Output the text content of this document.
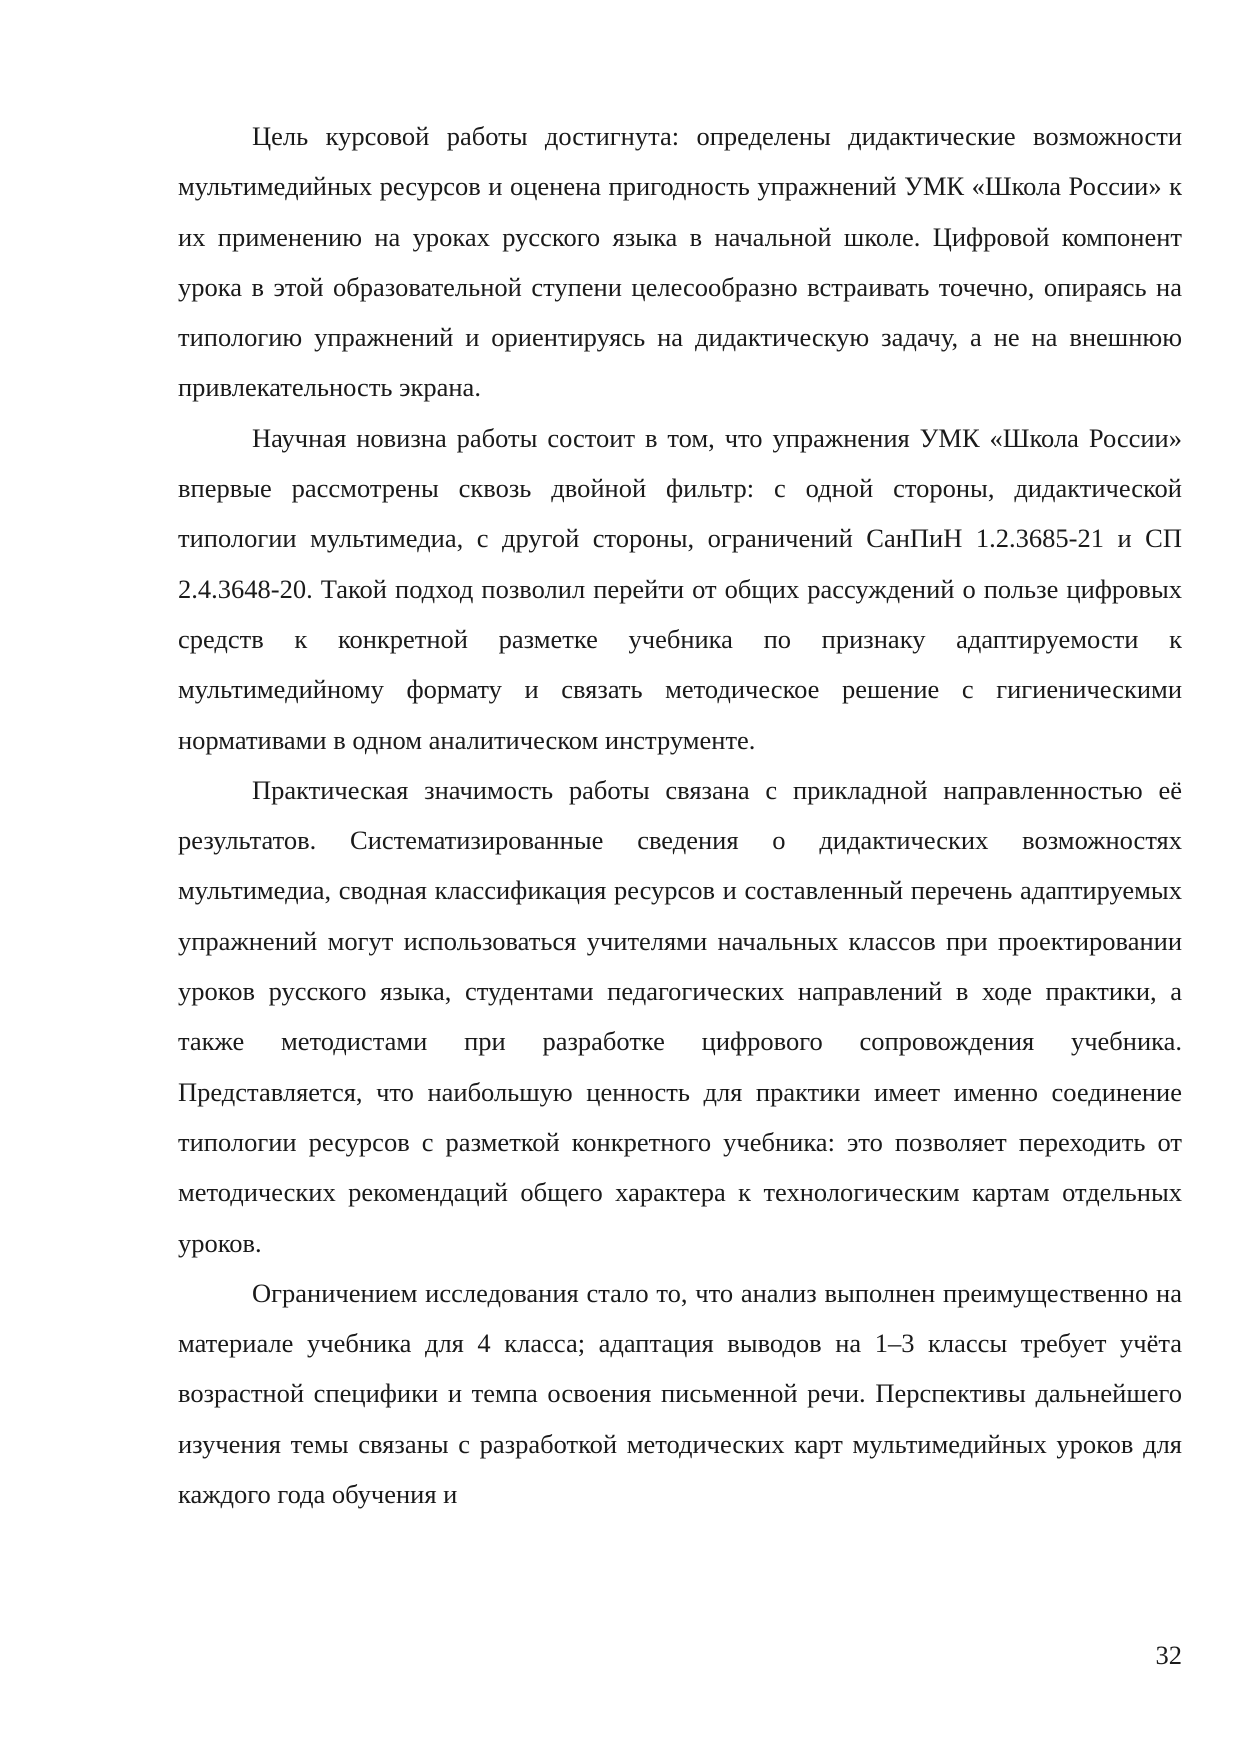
Цель курсовой работы достигнута: определены дидактические возможности мультимедийных ресурсов и оценена пригодность упражнений УМК «Школа России» к их применению на уроках русского языка в начальной школе. Цифровой компонент урока в этой образовательной ступени целесообразно встраивать точечно, опираясь на типологию упражнений и ориентируясь на дидактическую задачу, а не на внешнюю привлекательность экрана.

Научная новизна работы состоит в том, что упражнения УМК «Школа России» впервые рассмотрены сквозь двойной фильтр: с одной стороны, дидактической типологии мультимедиа, с другой стороны, ограничений СанПиН 1.2.3685-21 и СП 2.4.3648-20. Такой подход позволил перейти от общих рассуждений о пользе цифровых средств к конкретной разметке учебника по признаку адаптируемости к мультимедийному формату и связать методическое решение с гигиеническими нормативами в одном аналитическом инструменте.

Практическая значимость работы связана с прикладной направленностью её результатов. Систематизированные сведения о дидактических возможностях мультимедиа, сводная классификация ресурсов и составленный перечень адаптируемых упражнений могут использоваться учителями начальных классов при проектировании уроков русского языка, студентами педагогических направлений в ходе практики, а также методистами при разработке цифрового сопровождения учебника. Представляется, что наибольшую ценность для практики имеет именно соединение типологии ресурсов с разметкой конкретного учебника: это позволяет переходить от методических рекомендаций общего характера к технологическим картам отдельных уроков.

Ограничением исследования стало то, что анализ выполнен преимущественно на материале учебника для 4 класса; адаптация выводов на 1–3 классы требует учёта возрастной специфики и темпа освоения письменной речи. Перспективы дальнейшего изучения темы связаны с разработкой методических карт мультимедийных уроков для каждого года обучения и

32
